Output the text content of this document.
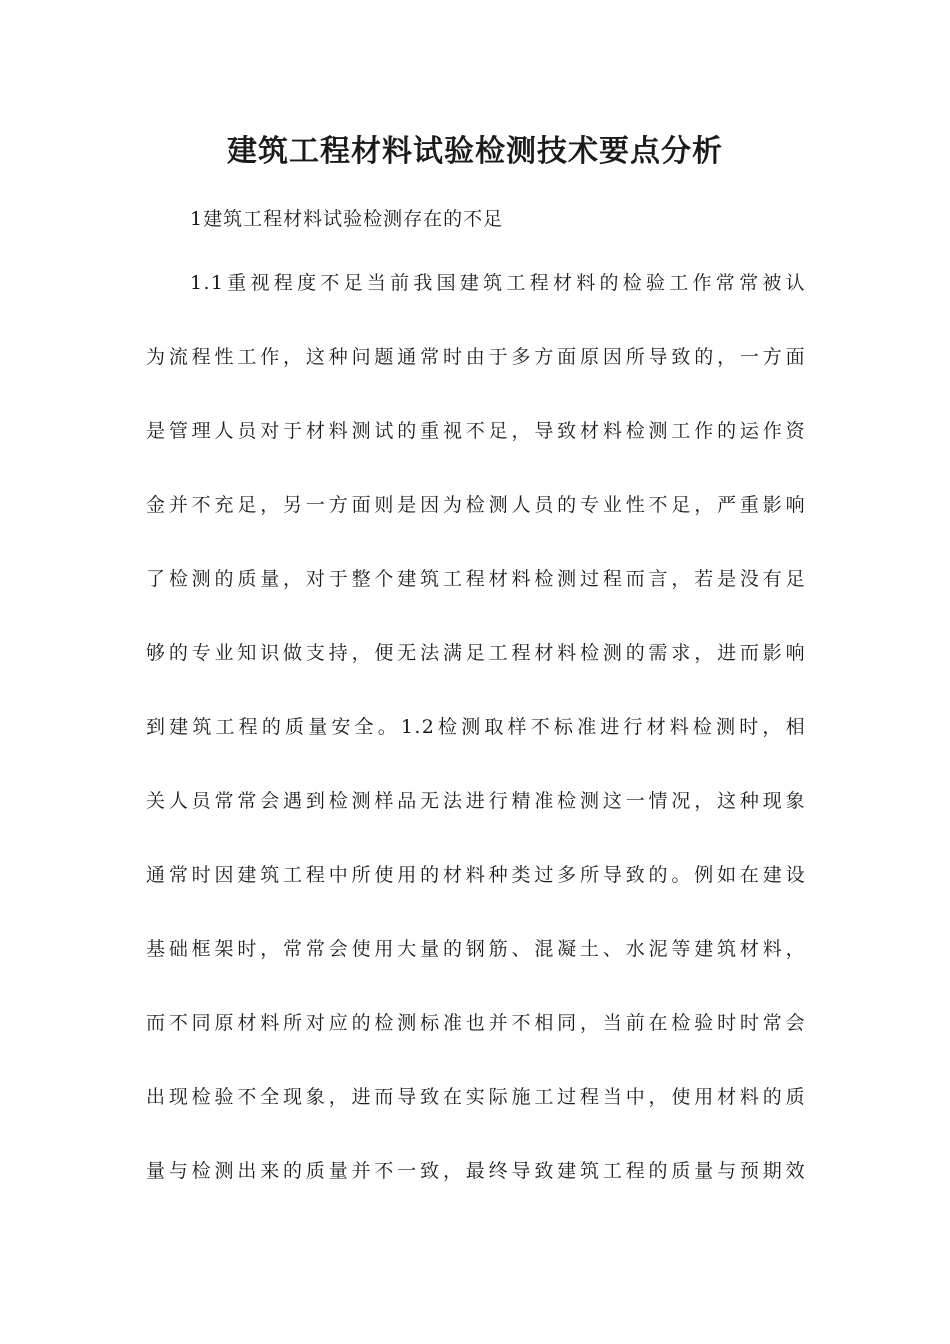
建筑工程材料试验检测技术要点分析

1建筑工程材料试验检测存在的不足

1.1重视程度不足当前我国建筑工程材料的检验工作常常被认

为流程性工作，这种问题通常时由于多方面原因所导致的，一方面

是管理人员对于材料测试的重视不足，导致材料检测工作的运作资

金并不充足，另一方面则是因为检测人员的专业性不足，严重影响

了检测的质量，对于整个建筑工程材料检测过程而言，若是没有足

够的专业知识做支持，便无法满足工程材料检测的需求，进而影响

到建筑工程的质量安全。1.2检测取样不标准进行材料检测时，相

关人员常常会遇到检测样品无法进行精准检测这一情况，这种现象

通常时因建筑工程中所使用的材料种类过多所导致的。例如在建设

基础框架时，常常会使用大量的钢筋、混凝土、水泥等建筑材料，

而不同原材料所对应的检测标准也并不相同，当前在检验时时常会

出现检验不全现象，进而导致在实际施工过程当中，使用材料的质

量与检测出来的质量并不一致，最终导致建筑工程的质量与预期效
